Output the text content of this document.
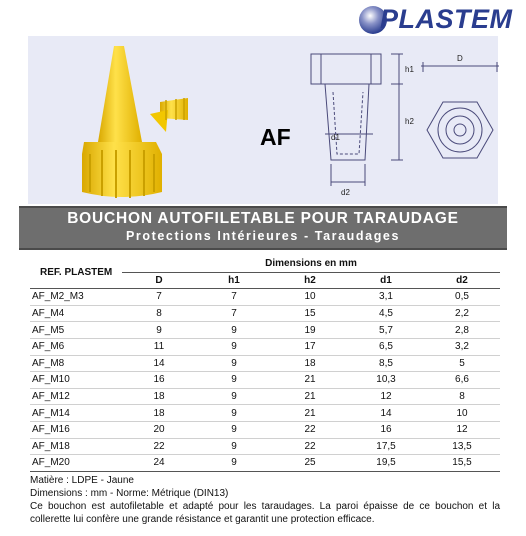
PLASTEM
AF
h1
h2
d1
d2
D
BOUCHON AUTOFILETABLE POUR TARAUDAGE
Protections Intérieures - Taraudages
REF. PLASTEM	Dimensions en mm				
	D	h1	h2	d1	d2
AF_M2_M3	7	7	10	3,1	0,5
AF_M4	8	7	15	4,5	2,2
AF_M5	9	9	19	5,7	2,8
AF_M6	11	9	17	6,5	3,2
AF_M8	14	9	18	8,5	5
AF_M10	16	9	21	10,3	6,6
AF_M12	18	9	21	12	8
AF_M14	18	9	21	14	10
AF_M16	20	9	22	16	12
AF_M18	22	9	22	17,5	13,5
AF_M20	24	9	25	19,5	15,5

Matière : LDPE - Jaune

Dimensions : mm - Norme: Métrique (DIN13)

Ce bouchon est autofiletable et adapté pour les taraudages. La paroi épaisse de ce bouchon et la collerette lui confère une grande résistance et garantit une protection efficace.
